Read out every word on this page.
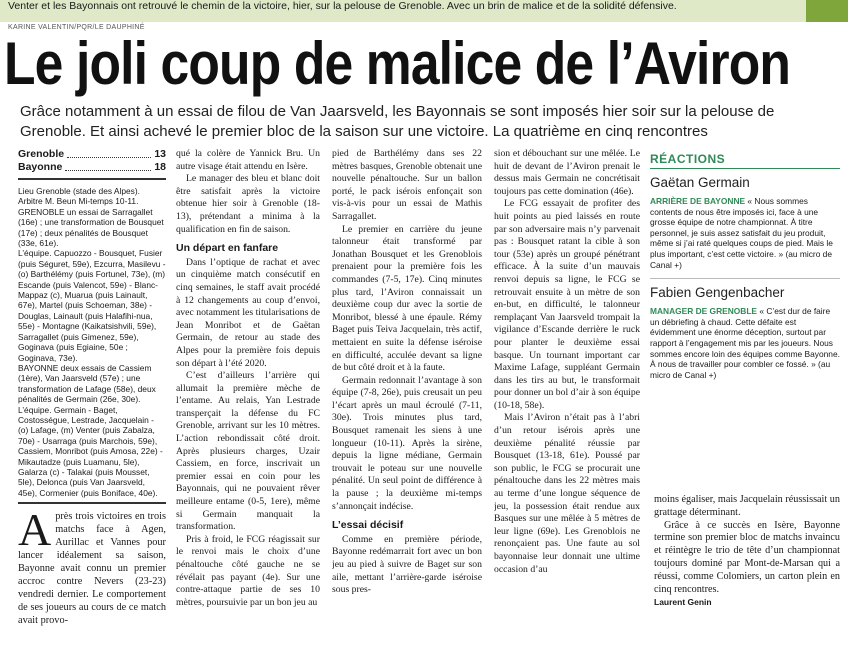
Venter et les Bayonnais ont retrouvé le chemin de la victoire, hier, sur la pelouse de Grenoble. Avec un brin de malice et de la solidité défensive.
KARINE VALENTIN/PQR/LE DAUPHINÉ
Le joli coup de malice de l’Aviron
Grâce notamment à un essai de filou de Van Jaarsveld, les Bayonnais se sont imposés hier soir sur la pelouse de Grenoble. Et ainsi achevé le premier bloc de la saison sur une victoire. La quatrième en cinq rencontres
Grenoble	13
Bayonne	18

Lieu Grenoble (stade des Alpes). Arbitre M. Beun Mi-temps 10-11.

GRENOBLE un essai de Sarragallet (16e) ; une transformation de Bousquet (17e) ; deux pénalités de Bousquet (33e, 61e).

L’équipe. Capuozzo - Bousquet, Fusier (puis Séguret, 59e), Ezcurra, Masilevu - (o) Barthélémy (puis Fortunel, 73e), (m) Escande (puis Valencot, 59e) - Blanc-Mappaz (c), Muarua (puis Lainault, 67e), Martel (puis Schoeman, 38e) - Douglas, Lainault (puis Halafihi-nua, 55e) - Montagne (Kaikatsishvili, 59e), Sarragallet (puis Gimenez, 59e), Goginava (puis Egiaine, 50e ; Goginava, 73e).

BAYONNE deux essais de Cassiem (1ère), Van Jaarsveld (57e) ; une transformation de Lafage (58e), deux pénalités de Germain (26e, 30e).

L’équipe. Germain - Baget, Costosségue, Lestrade, Jacquelain - (o) Lafage, (m) Venter (puis Zabalza, 70e) - Usarraga (puis Marchois, 59e), Cassiem, Monribot (puis Amosa, 22e) - Mikautadze (puis Luamanu, 5le), Galarza (c) - Talakai (puis Mousset, 5le), Delonca (puis Van Jaarsveld, 45e), Cormenier (puis Boniface, 40e).

Après trois victoires en trois matchs face à Agen, Aurillac et Vannes pour lancer idéalement sa saison, Bayonne avait connu un premier accroc contre Nevers (23-23) vendredi dernier. Le comportement de ses joueurs au cours de ce match avait provo-

qué la colère de Yannick Bru. Un autre visage était attendu en Isère.

Le manager des bleu et blanc doit être satisfait après la victoire obtenue hier soir à Grenoble (18-13), prétendant a minima à la qualification en fin de saison.

Un départ en fanfare

Dans l’optique de rachat et avec un cinquième match consécutif en cinq semaines, le staff avait procédé à 12 changements au coup d’envoi, avec notamment les titularisations de Jean Monribot et de Gaëtan Germain, de retour au stade des Alpes pour la première fois depuis son départ à l’été 2020.

C’est d’ailleurs l’arrière qui allumait la première mèche de l’entame. Au relais, Yan Lestrade transperçait la défense du FC Grenoble, arrivant sur les 10 mètres. L’action rebondissait côté droit. Après plusieurs charges, Uzair Cassiem, en force, inscrivait un premier essai en coin pour les Bayonnais, qui ne pouvaient rêver meilleure entame (0-5, 1ere), même si Germain manquait la transformation.

Pris à froid, le FCG réagissait sur le renvoi mais le choix d’une pénaltouche côté gauche ne se révélait pas payant (4e). Sur une contre-attaque partie de ses 10 mètres, poursuivie par un bon jeu au

pied de Barthélémy dans ses 22 mètres basques, Grenoble obtenait une nouvelle pénaltouche. Sur un ballon porté, le pack isérois enfonçait son vis-à-vis pour un essai de Mathis Sarragallet.

Le premier en carrière du jeune talonneur était transformé par Jonathan Bousquet et les Grenoblois prenaient pour la première fois les commandes (7-5, 17e). Cinq minutes plus tard, l’Aviron connaissait un deuxième coup dur avec la sortie de Monribot, blessé à une épaule. Rémy Baget puis Teiva Jacquelain, très actif, mettaient en suite la défense iséroise en difficulté, acculée devant sa ligne de but côté droit et à la faute.

Germain redonnait l’avantage à son équipe (7-8, 26e), puis creusait un peu l’écart après un maul écroulé (7-11, 30e). Trois minutes plus tard, Bousquet ramenait les siens à une longueur (10-11). Après la sirène, depuis la ligne médiane, Germain trouvait le poteau sur une nouvelle pénalité. Un seul point de différence à la pause ; la deuxième mi-temps s’annonçait indécise.

L’essai décisif

Comme en première période, Bayonne redémarrait fort avec un bon jeu au pied à suivre de Baget sur son aile, mettant l’arrière-garde iséroise sous pres-

sion et débouchant sur une mêlée. Le huit de devant de l’Aviron prenait le dessus mais Germain ne concrétisait toujours pas cette domination (46e).

Le FCG essayait de profiter des huit points au pied laissés en route par son adversaire mais n’y parvenait pas : Bousquet ratant la cible à son tour (53e) après un groupé pénétrant efficace. À la suite d’un mauvais renvoi depuis sa ligne, le FCG se retrouvait ensuite à un mètre de son en-but, en difficulté, le talonneur remplaçant Van Jaarsveld trompait la vigilance d’Escande derrière le ruck pour planter le deuxième essai basque. Un tournant important car Maxime Lafage, suppléant Germain dans les tirs au but, le transformait pour donner un bol d’air à son équipe (10-18, 58e).

Mais l’Aviron n’était pas à l’abri d’un retour isérois après une deuxième pénalité réussie par Bousquet (13-18, 61e). Poussé par son public, le FCG se procurait une pénaltouche dans les 22 mètres mais au terme d’une longue séquence de jeu, la possession était rendue aux Basques sur une mêlée à 5 mètres de leur ligne (69e). Les Grenoblois ne renonçaient pas. Une faute au sol bayonnaise leur donnait une ultime occasion d’au

RÉACTIONS
Gaëtan Germain

ARRIÈRE DE BAYONNE « Nous sommes contents de nous être imposés ici, face à une grosse équipe de notre championnat. À titre personnel, je suis assez satisfait du jeu produit, même si j’ai raté quelques coups de pied. Mais le plus important, c’est cette victoire. » (au micro de Canal +)

Fabien Gengenbacher

MANAGER DE GRENOBLE « C’est dur de faire un débriefing à chaud. Cette défaite est évidemment une énorme déception, surtout par rapport à l’engagement mis par les joueurs. Nous sommes encore loin des équipes comme Bayonne. À nous de travailler pour combler ce fossé. » (au micro de Canal +)

moins égaliser, mais Jacquelain réussissait un grattage déterminant.

Grâce à ce succès en Isère, Bayonne termine son premier bloc de matchs invaincu et réintègre le trio de tête d’un championnat toujours dominé par Mont-de-Marsan qui a réussi, comme Colomiers, un carton plein en cinq rencontres.

Laurent Genin
